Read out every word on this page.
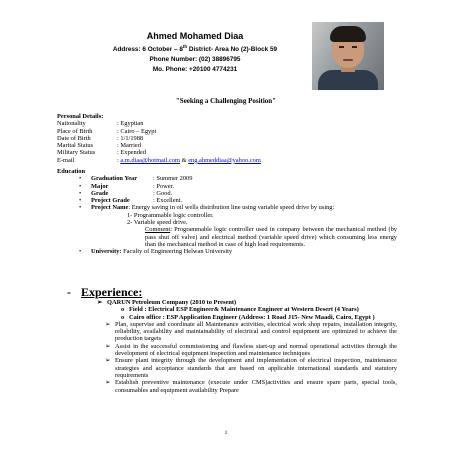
Ahmed Mohamed Diaa
Address: 6 October – 8th District- Area No (2)-Block 59
Phone Number: (02) 38896795
Mo. Phone: +20100 4774231
"Seeking a Challenging Position"
Personal Details:
Nationality	: Egyptian
Place of Birth	: Cairo – Egypt
Date of Birth	: 1/1/1988
Marital Status	: Married
Military Status	: Expended
E-mail	: a.m.diaa@hotmail.com & eng.ahmeddiaa@yahoo.com
Education
• Graduation Year : Summer 2009
• Major	: Power.
• Grade	: Good.
• Project Grade	: Excellent.
• Project Name: Energy saving in oil wells distribution line using variable speed drive by using:
1- Programmable logic controller.
2- Variable speed drive.
Comment: Programmable logic controller used in company between the mechanical method (by pass shut off valve) and electrical method (variable speed drive) which consuming less energy than the mechanical method in case of high load requirements.
• University: Faculty of Engineering Helwan University
- Experience:
➢ QARUN Petroleum Company (2010 to Present)
o Field : Electrical ESP Engineer& Maintenance Engineer at Western Desert (4 Years)
o Cairo office : ESP Application Engineer (Address: 1 Road J15- New Maadi, Cairo, Egypt )
➢ Plan, supervise and coordinate all Maintenance activities, electrical work shop repairs, installation integrity, reliability, availability and maintainability of electrical and control equipment are optimized to achieve the production targets
➢ Assist in the successful commissioning and flawless start-up and normal operational activities through the development of electrical equipment inspection and maintenance techniques
➢ Ensure plant integrity through the development and implementation of electrical inspection, maintenance strategies and acceptance standards that are based on applicable international standards and statutory requirements
➢ Establish preventive maintenance (execute under CMS)activities and ensure spare parts, special tools, consumables and equipment availability Prepare
1
